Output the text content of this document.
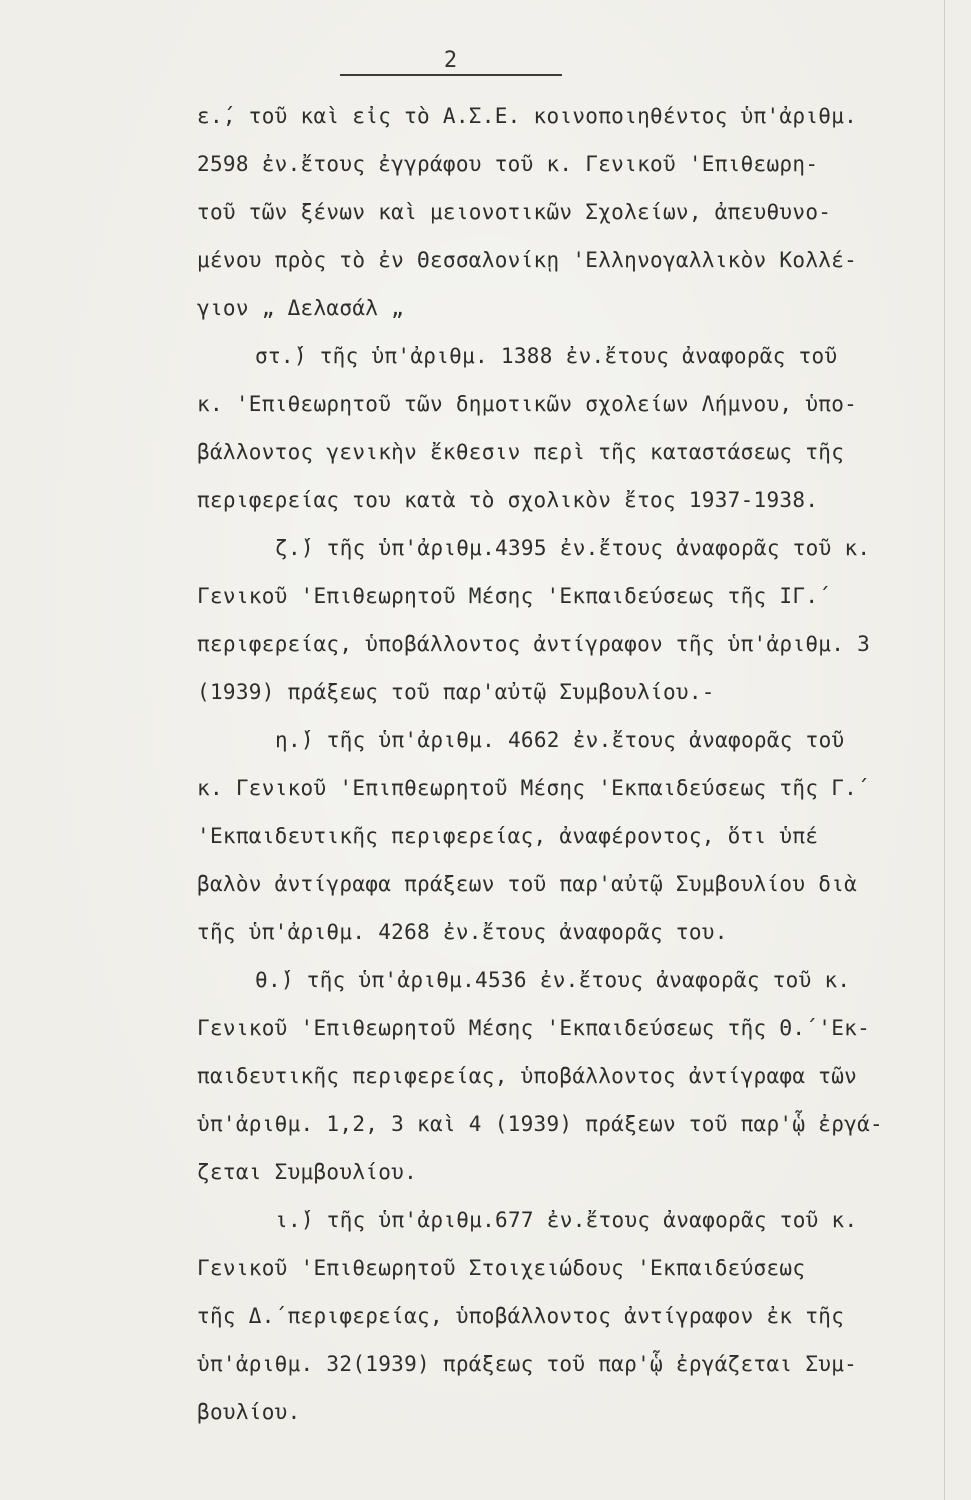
2
ε.́, τοῦ καὶ εἰς τὸ Α.Σ.Ε. κοινοποιηθέντος ὑπ'ἀριθμ.
2598 ἐν.ἔτους ἐγγράφου τοῦ κ. Γενικοῦ 'Επιθεωρη-
τοῦ τῶν ξένων καὶ μειονοτικῶν Σχολείων, ἀπευθυνο-
μένου πρὸς τὸ ἐν Θεσσαλονίκῃ 'Ελληνογαλλικὸν Κολλέ-
γιον „ Δελασάλ „
στ.́) τῆς ὑπ'ἀριθμ. 1388 ἐν.ἔτους ἀναφορᾶς τοῦ
κ. 'Επιθεωρητοῦ τῶν δημοτικῶν σχολείων Λήμνου, ὑπο-
βάλλοντος γενικὴν ἔκθεσιν περὶ τῆς καταστάσεως τῆς
περιφερείας του κατὰ τὸ σχολικὸν ἔτος 1937-1938.
ζ.́) τῆς ὑπ'ἀριθμ.4395 ἐν.ἔτους ἀναφορᾶς τοῦ κ.
Γενικοῦ 'Επιθεωρητοῦ Μέσης 'Εκπαιδεύσεως τῆς ΙΓ.́
περιφερείας, ὑποβάλλοντος ἀντίγραφον τῆς ὑπ'ἀριθμ. 3
(1939) πράξεως τοῦ παρ'αὐτῷ Συμβουλίου.-
η.́) τῆς ὑπ'ἀριθμ. 4662 ἐν.ἔτους ἀναφορᾶς τοῦ
κ. Γενικοῦ 'Επιπθεωρητοῦ Μέσης 'Εκπαιδεύσεως τῆς Γ.́
'Εκπαιδευτικῆς περιφερείας, ἀναφέροντος, ὅτι ὑπέ
βαλὸν ἀντίγραφα πράξεων τοῦ παρ'αὐτῷ Συμβουλίου διὰ
τῆς ὑπ'ἀριθμ. 4268 ἐν.ἔτους ἀναφορᾶς του.
θ.́) τῆς ὑπ'ἀριθμ.4536 ἐν.ἔτους ἀναφορᾶς τοῦ κ.
Γενικοῦ 'Επιθεωρητοῦ Μέσης 'Εκπαιδεύσεως τῆς Θ.́ 'Εκ-
παιδευτικῆς περιφερείας, ὑποβάλλοντος ἀντίγραφα τῶν
ὑπ'ἀριθμ. 1,2, 3 καὶ 4 (1939) πράξεων τοῦ παρ'ᾧ ἐργά-
ζεται Συμβουλίου.
ι.́) τῆς ὑπ'ἀριθμ.677 ἐν.ἔτους ἀναφορᾶς τοῦ κ.
Γενικοῦ 'Επιθεωρητοῦ Στοιχειώδους 'Εκπαιδεύσεως
τῆς Δ.́ περιφερείας, ὑποβάλλοντος ἀντίγραφον ἐκ τῆς
ὑπ'ἀριθμ. 32(1939) πράξεως τοῦ παρ'ᾧ ἐργάζεται Συμ-
βουλίου.
